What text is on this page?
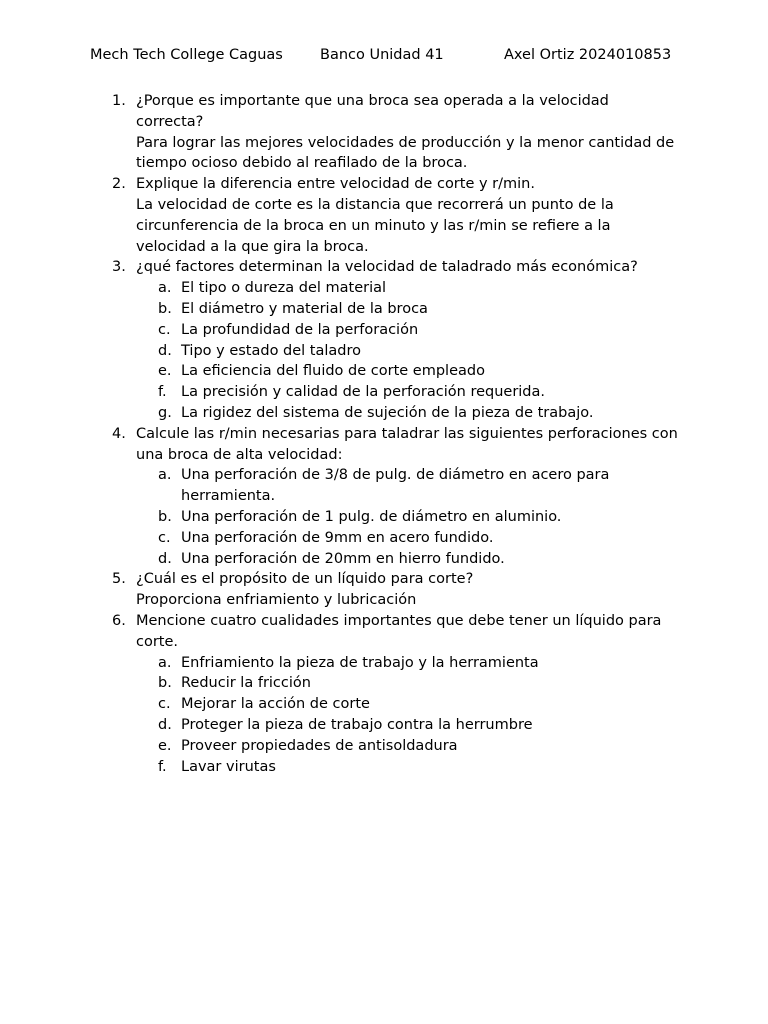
Mech Tech College Caguas	Banco Unidad 41	Axel Ortiz 2024010853
1. ¿Porque es importante que una broca sea operada a la velocidad correcta?
Para lograr las mejores velocidades de producción y la menor cantidad de tiempo ocioso debido al reafilado de la broca.
2. Explique la diferencia entre velocidad de corte y r/min.
La velocidad de corte es la distancia que recorrerá un punto de la circunferencia de la broca en un minuto y las r/min se refiere a la velocidad a la que gira la broca.
3. ¿qué factores determinan la velocidad de taladrado más económica?
a. El tipo o dureza del material
b. El diámetro y material de la broca
c. La profundidad de la perforación
d. Tipo y estado del taladro
e. La eficiencia del fluido de corte empleado
f. La precisión y calidad de la perforación requerida.
g. La rigidez del sistema de sujeción de la pieza de trabajo.
4. Calcule las r/min necesarias para taladrar las siguientes perforaciones con una broca de alta velocidad:
a. Una perforación de 3/8 de pulg. de diámetro en acero para herramienta.
b. Una perforación de 1 pulg. de diámetro en aluminio.
c. Una perforación de 9mm en acero fundido.
d. Una perforación de 20mm en hierro fundido.
5. ¿Cuál es el propósito de un líquido para corte?
Proporciona enfriamiento y lubricación
6. Mencione cuatro cualidades importantes que debe tener un líquido para corte.
a. Enfriamiento la pieza de trabajo y la herramienta
b. Reducir la fricción
c. Mejorar la acción de corte
d. Proteger la pieza de trabajo contra la herrumbre
e. Proveer propiedades de antisoldadura
f. Lavar virutas
